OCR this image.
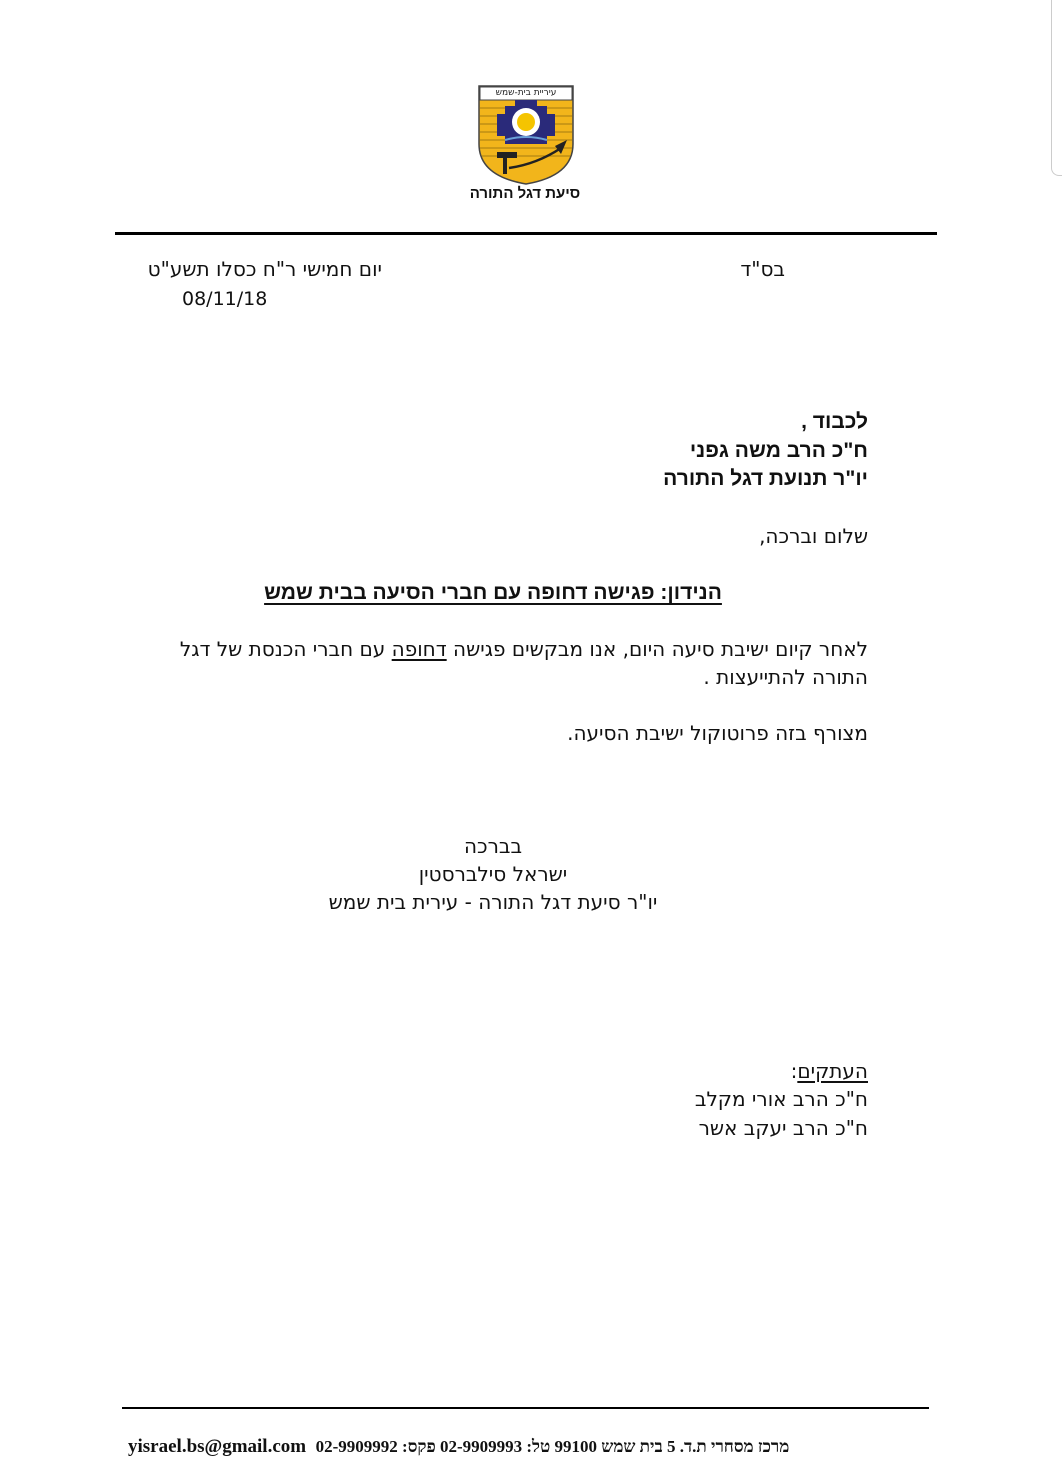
עיריית בית-שמש
סיעת דגל התורה
בס"ד
יום חמישי ר"ח כסלו תשע"ט
08/11/18
לכבוד ,
ח"כ הרב משה גפני
יו"ר תנועת דגל התורה
שלום וברכה,
הנידון: פגישה דחופה עם חברי הסיעה בבית שמש
לאחר קיום ישיבת סיעה היום, אנו מבקשים פגישה דחופה עם חברי הכנסת של דגל
התורה להתייעצות .
מצורף בזה פרוטוקול ישיבת הסיעה.
בברכה
ישראל סילברסטין
יו"ר סיעת דגל התורה - עירית בית שמש
העתקים:
ח"כ הרב אורי מקלב
ח"כ הרב יעקב אשר
yisrael.bs@gmail.com מרכז מסחרי ת.ד. 5 בית שמש 99100 טל: 02-9909993 פקס: 02-9909992
